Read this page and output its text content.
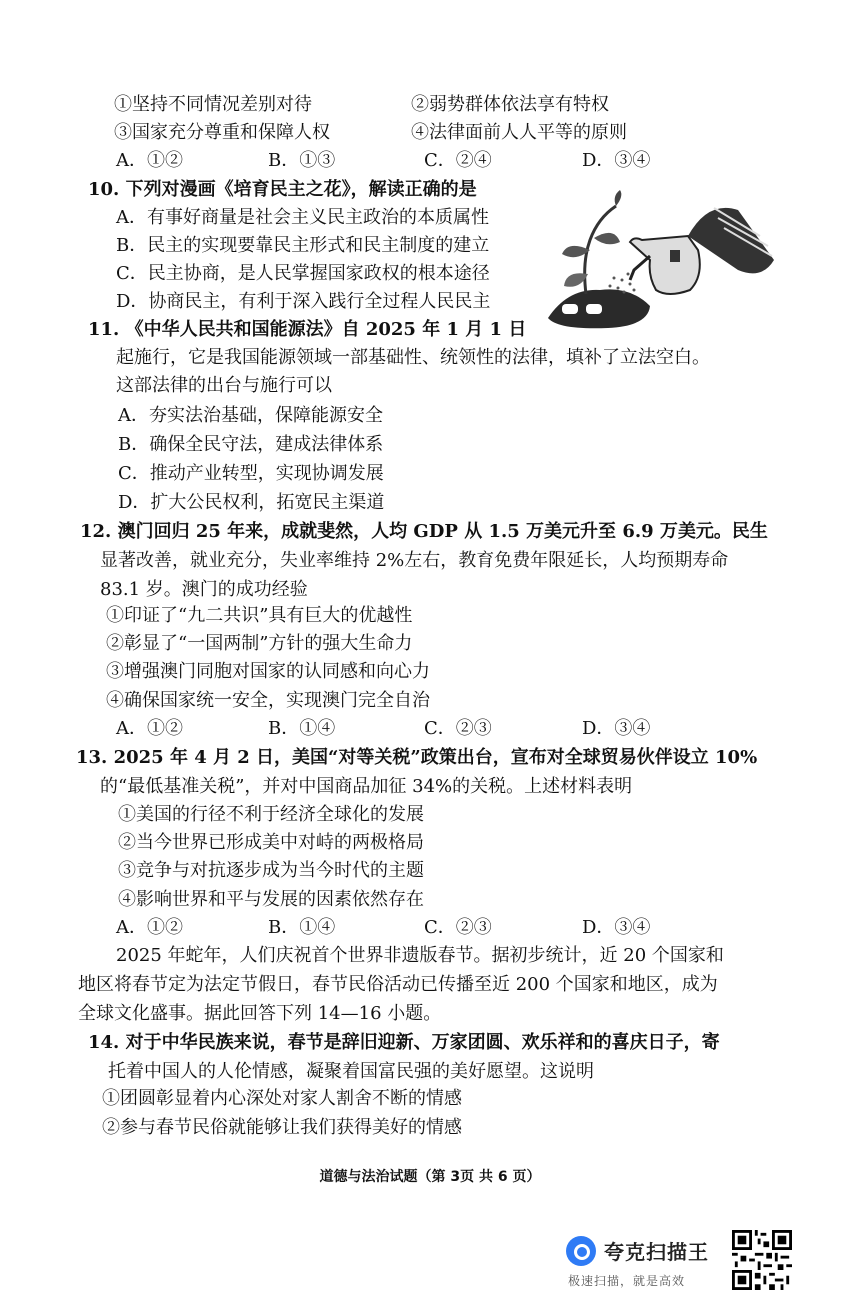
①坚持不同情况差别对待	②弱势群体依法享有特权
③国家充分尊重和保障人权	④法律面前人人平等的原则
A．①②	B．①③	C．②④	D．③④
10. 下列对漫画《培育民主之花》，解读正确的是
A．有事好商量是社会主义民主政治的本质属性
B．民主的实现要靠民主形式和民主制度的建立
C．民主协商，是人民掌握国家政权的根本途径
D．协商民主，有利于深入践行全过程人民民主
11. 《中华人民共和国能源法》自 2025 年 1 月 1 日
起施行，它是我国能源领域一部基础性、统领性的法律，填补了立法空白。
这部法律的出台与施行可以
A．夯实法治基础，保障能源安全
B．确保全民守法，建成法律体系
C．推动产业转型，实现协调发展
D．扩大公民权利，拓宽民主渠道
12. 澳门回归 25 年来，成就斐然，人均 GDP 从 1.5 万美元升至 6.9 万美元。民生
显著改善，就业充分，失业率维持 2%左右，教育免费年限延长，人均预期寿命
83.1 岁。澳门的成功经验
①印证了“九二共识”具有巨大的优越性
②彰显了“一国两制”方针的强大生命力
③增强澳门同胞对国家的认同感和向心力
④确保国家统一安全，实现澳门完全自治
A．①②	B．①④	C．②③	D．③④
13. 2025 年 4 月 2 日，美国“对等关税”政策出台，宣布对全球贸易伙伴设立 10%
的“最低基准关税”，并对中国商品加征 34%的关税。上述材料表明
①美国的行径不利于经济全球化的发展
②当今世界已形成美中对峙的两极格局
③竞争与对抗逐步成为当今时代的主题
④影响世界和平与发展的因素依然存在
A．①②	B．①④	C．②③	D．③④
2025 年蛇年，人们庆祝首个世界非遗版春节。据初步统计，近 20 个国家和
地区将春节定为法定节假日，春节民俗活动已传播至近 200 个国家和地区，成为
全球文化盛事。据此回答下列 14—16 小题。
14. 对于中华民族来说，春节是辞旧迎新、万家团圆、欢乐祥和的喜庆日子，寄
托着中国人的人伦情感，凝聚着国富民强的美好愿望。这说明
①团圆彰显着内心深处对家人割舍不断的情感
②参与春节民俗就能够让我们获得美好的情感
道德与法治试题（第 3页 共 6 页）
夸克扫描王
极速扫描，就是高效
